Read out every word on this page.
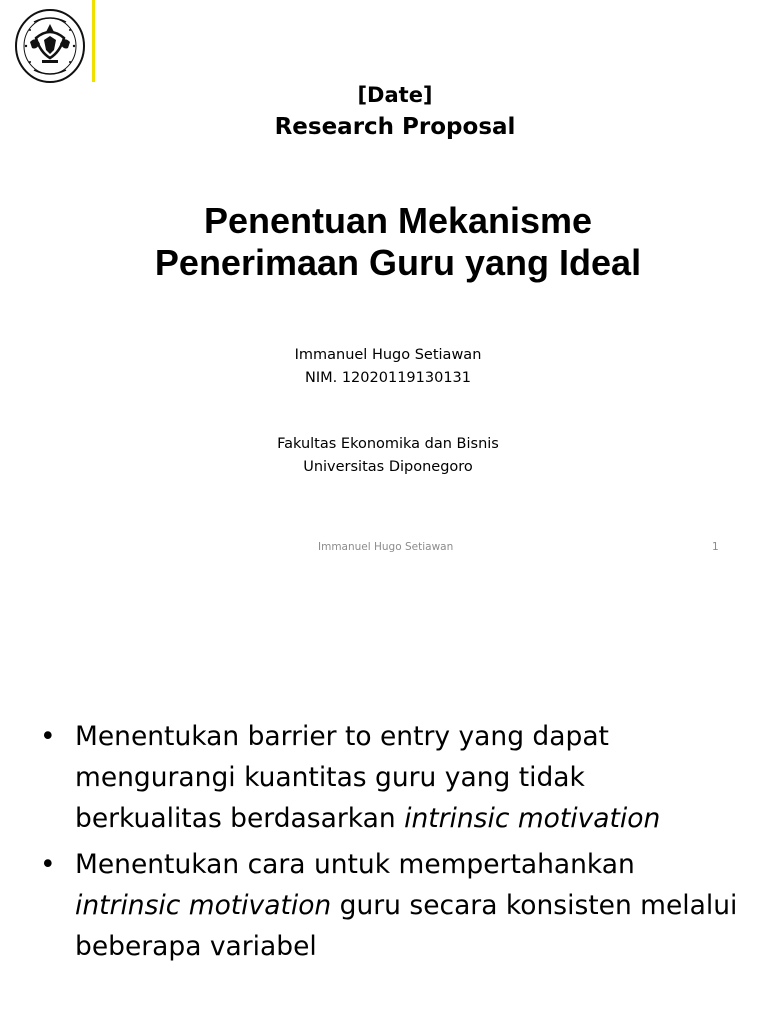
[Date]
Research Proposal
Penentuan Mekanisme
Penerimaan Guru yang Ideal
Immanuel Hugo Setiawan
NIM. 12020119130131
Fakultas Ekonomika dan Bisnis
Universitas Diponegoro
Immanuel Hugo Setiawan	1
• Menentukan barrier to entry yang dapat mengurangi kuantitas guru yang tidak berkualitas berdasarkan intrinsic motivation
• Menentukan cara untuk mempertahankan intrinsic motivation guru secara konsisten melalui beberapa variabel
